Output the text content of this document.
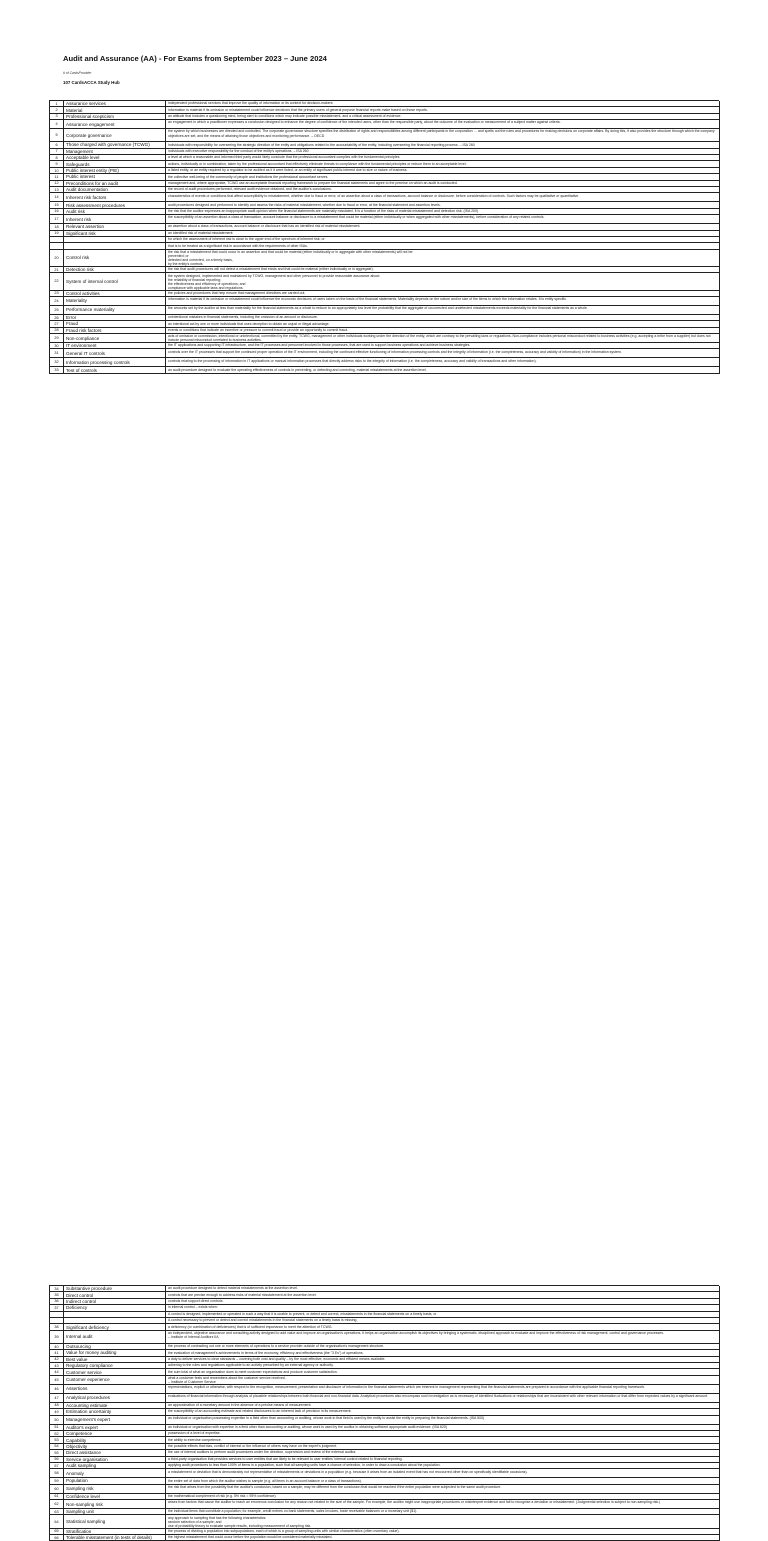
Audit and Assurance (AA) - For Exams from September 2023 – June 2024
# of CardsProvider
107 CardsACCA Study Hub
1	Assurance services	independent professional services that improve the quality of information or its context for decision-makers
2	Material	information is material if its omission or misstatement could influence decisions that the primary users of general purpose financial reports make based on those reports.
3	Professional scepticism	an attitude that includes a questioning mind, being alert to conditions which may indicate possible misstatement, and a critical assessment of evidence.
4	Assurance engagement	an engagement in which a practitioner expresses a conclusion designed to enhance the degree of confidence of the intended users, other than the responsible party, about the outcome of the evaluation or measurement of a subject matter against criteria.
5	Corporate governance
the system by which businesses are directed and controlled. The corporate governance structure specifies the distribution of rights and responsibilities among different participants in the corporation … and spells out the rules and procedures for making decisions on corporate affairs. By doing this, it also provides the structure through which the company objectives are set, and the means of attaining those objectives and monitoring performance. – OECD
6	Those charged with governance (TCWG)	individuals with responsibility for overseeing the strategic direction of the entity and obligations related to the accountability of the entity, including overseeing the financial reporting process. – ISA 260
7	Management	individuals with executive responsibility for the conduct of the entity's operations. – ISA 260
8	Acceptable level	a level at which a reasonable and informed third party would likely conclude that the professional accountant complies with the fundamental principles.
9	Safeguards	actions, individually or in combination, taken by the professional accountant that effectively eliminate threats to compliance with the fundamental principles or reduce them to an acceptable level.
10	Public interest entity (PIE)	a listed entity, or an entity required by a regulator to be audited as if it were listed, or an entity of significant public interest due to size or nature of business.
11	Public interest	the collective well-being of the community of people and institutions the professional accountant serves.
12	Preconditions for an audit	management and, where appropriate, TCWG use an acceptable financial reporting framework to prepare the financial statements and agree to the premise on which an audit is conducted.
13	Audit documentation	the record of audit procedures performed, relevant audit evidence obtained, and the auditor's conclusions.
14	Inherent risk factors	characteristics of events or conditions that affect susceptibility to misstatement, whether due to fraud or error, of an assertion about a class of transactions, account balance or disclosure, before consideration of controls. Such factors may be qualitative or quantitative.
15	Risk assessment procedures	audit procedures designed and performed to identify and assess the risks of material misstatement, whether due to fraud or error, at the financial statement and assertion levels.
16	Audit risk	the risk that the auditor expresses an inappropriate audit opinion when the financial statements are materially misstated. It is a function of the risks of material misstatement and detection risk. (ISA 200)
17	Inherent risk	the susceptibility of an assertion about a class of transaction, account balance or disclosure to a misstatement that could be material (either individually or when aggregated with other misstatements), before consideration of any related controls.
18	Relevant assertion	an assertion about a class of transactions, account balance or disclosure that has an identified risk of material misstatement.
19	Significant risk	an identified risk of material misstatement:
for which the assessment of inherent risk is close to the upper end of the spectrum of inherent risk; or
that is to be treated as a significant risk in accordance with the requirements of other ISAs.
20	Control risk
the risk that a misstatement that could occur in an assertion and that could be material (either individually or in aggregate with other misstatements) will not be:
prevented; or
detected and corrected, on a timely basis,
by the entity's controls.
21	Detection risk	the risk that audit procedures will not detect a misstatement that exists and that could be material (either individually or in aggregate).
22	System of internal control
the system designed, implemented and maintained by TCWG, management and other personnel to provide reasonable assurance about:
the reliability of financial reporting;
the effectiveness and efficiency of operations; and
compliance with applicable laws and regulations.
23	Control activities	the policies and procedures that help ensure that management directives are carried out.
24	Materiality	information is material if its omission or misstatement could influence the economic decisions of users taken on the basis of the financial statements. Materiality depends on the nature and/or size of the items to which the information relates. It is entity specific.
25	Performance materiality	the amounts set by the auditor at less than materiality for the financial statements as a whole to reduce to an appropriately low level the probability that the aggregate of uncorrected and undetected misstatements exceeds materiality for the financial statements as a whole.
26	Error	unintentional mistakes in financial statements, including the omission of an amount or disclosure.
27	Fraud	an intentional act by one or more individuals that uses deception to obtain an unjust or illegal advantage.
28	Fraud risk factors	events or conditions that indicate an incentive or pressure to commit fraud or provide an opportunity to commit fraud.
29	Non-compliance	acts of omission or commission, intentional or unintentional, committed by the entity, TCWG, management or other individuals working under the direction of the entity, which are contrary to the prevailing laws or regulations. Non-compliance includes personal misconduct related to business activities (e.g. accepting a bribe from a supplier) but does not include personal misconduct unrelated to business activities.
30	IT environment	the IT applications and supporting IT infrastructure, and the IT processes and personnel involved in those processes, that are used to support business operations and achieve business strategies.
31	General IT controls	controls over the IT processes that support the continued proper operation of the IT environment, including the continued effective functioning of information processing controls and the integrity of information (i.e. the completeness, accuracy and validity of information) in the information system.
32	Information processing controls	controls relating to the processing of information in IT applications or manual information processes that directly address risks to the integrity of information (i.e. the completeness, accuracy and validity of transactions and other information).
33	Test of controls	an audit procedure designed to evaluate the operating effectiveness of controls in preventing, or detecting and correcting, material misstatements at the assertion level.
34	Substantive procedure	an audit procedure designed to detect material misstatements at the assertion level.
35	Direct control	controls that are precise enough to address risks of material misstatement at the assertion level.
36	Indirect control	controls that support direct controls.
37	Deficiency	in internal control – exists when:
A control is designed, implemented or operated in such a way that it is unable to prevent, or detect and correct, misstatements in the financial statements on a timely basis; or
A control necessary to prevent or detect and correct misstatements in the financial statements on a timely basis is missing.
38	Significant deficiency	a deficiency (or combination of deficiencies) that is of sufficient importance to merit the attention of TCWG.
39	Internal audit
an independent, objective assurance and consulting activity designed to add value and improve an organisation's operations. It helps an organisation accomplish its objectives by bringing a systematic, disciplined approach to evaluate and improve the effectiveness of risk management, control and governance processes.
– Institute of Internal Auditors IIA
40	Outsourcing	the process of contracting out one or more elements of operations to a service provider outside of the organisation's management structure.
41	Value for money auditing	the evaluation of management's achievements in terms of the economy, efficiency and effectiveness (the "3 Es") of operations.
42	Best value	a duty to deliver services to clear standards – covering both cost and quality – by the most effective, economic and efficient means available.
43	Regulatory compliance	adhering to the rules and regulations applicable to an activity prescribed by an external agency or authority.
44	Customer service	the sum total of what an organisation does to meet customer expectations and produce customer satisfaction.
45	Customer experience	what a customer feels and remembers about the customer service received.
– Institute of Customer Service
46	Assertions	representations, explicit or otherwise, with respect to the recognition, measurement, presentation and disclosure of information in the financial statements which are inherent in management representing that the financial statements are prepared in accordance with the applicable financial reporting framework.
47	Analytical procedures	evaluations of financial information through analysis of plausible relationships between both financial and non-financial data. Analytical procedures also encompass such investigation as is necessary of identified fluctuations or relationships that are inconsistent with other relevant information or that differ from expected values by a significant amount.
48	Accounting estimate	an approximation of a monetary amount in the absence of a precise means of measurement.
49	Estimation uncertainty	the susceptibility of an accounting estimate and related disclosures to an inherent lack of precision in its measurement.
50	Management's expert	an individual or organisation possessing expertise in a field other than accounting or auditing, whose work in that field is used by the entity to assist the entity in preparing the financial statements. (ISA 500)
51	Auditor's expert	an individual or organisation with expertise in a field other than accounting or auditing, whose work is used by the auditor in obtaining sufficient appropriate audit evidence. (ISA 620)
52	Competence	possession of a level of expertise.
53	Capability	the ability to exercise competence.
54	Objectivity	the possible effects that bias, conflict of interest or the influence of others may have on the expert's judgment.
55	Direct assistance	the use of internal auditors to perform audit procedures under the direction, supervision and review of the external auditor.
56	Service organisation	a third-party organisation that provides services to user entities that are likely to be relevant to user entities' internal control related to financial reporting.
57	Audit sampling	applying audit procedures to less than 100% of items in a population, such that all sampling units have a chance of selection, in order to draw a conclusion about the population.
58	Anomaly	a misstatement or deviation that is demonstrably not representative of misstatements or deviations in a population (e.g. because it arises from an isolated event that has not reoccurred other than on specifically identifiable occasions).
59	Population	the entire set of data from which the auditor wishes to sample (e.g. all items in an account balance or a class of transactions).
60	Sampling risk	the risk that arises from the possibility that the auditor's conclusion, based on a sample, may be different from the conclusion that would be reached if the entire population were subjected to the same audit procedure.
61	Confidence level	the mathematical complement of risk (e.g. 5% risk = 95% confidence).
62	Non-sampling risk	arises from factors that cause the auditor to reach an erroneous conclusion for any reason not related to the size of the sample. For example, the auditor might use inappropriate procedures or misinterpret evidence and fail to recognise a deviation or misstatement. (Judgmental selection is subject to non-sampling risk.)
63	Sampling unit	the individual items that constitute a population; for example, credit entries on bank statements, sales invoices, trade receivable balances or a monetary unit ($1).
64	Statistical sampling
any approach to sampling that has the following characteristics:
random selection of a sample; and
use of probability theory to evaluate sample results, including measurement of sampling risk.
65	Stratification	the process of dividing a population into subpopulations, each of which is a group of sampling units with similar characteristics (often monetary value).
66	Tolerable misstatement (in tests of details)	the highest misstatement that could occur before the population would be considered materially misstated.
